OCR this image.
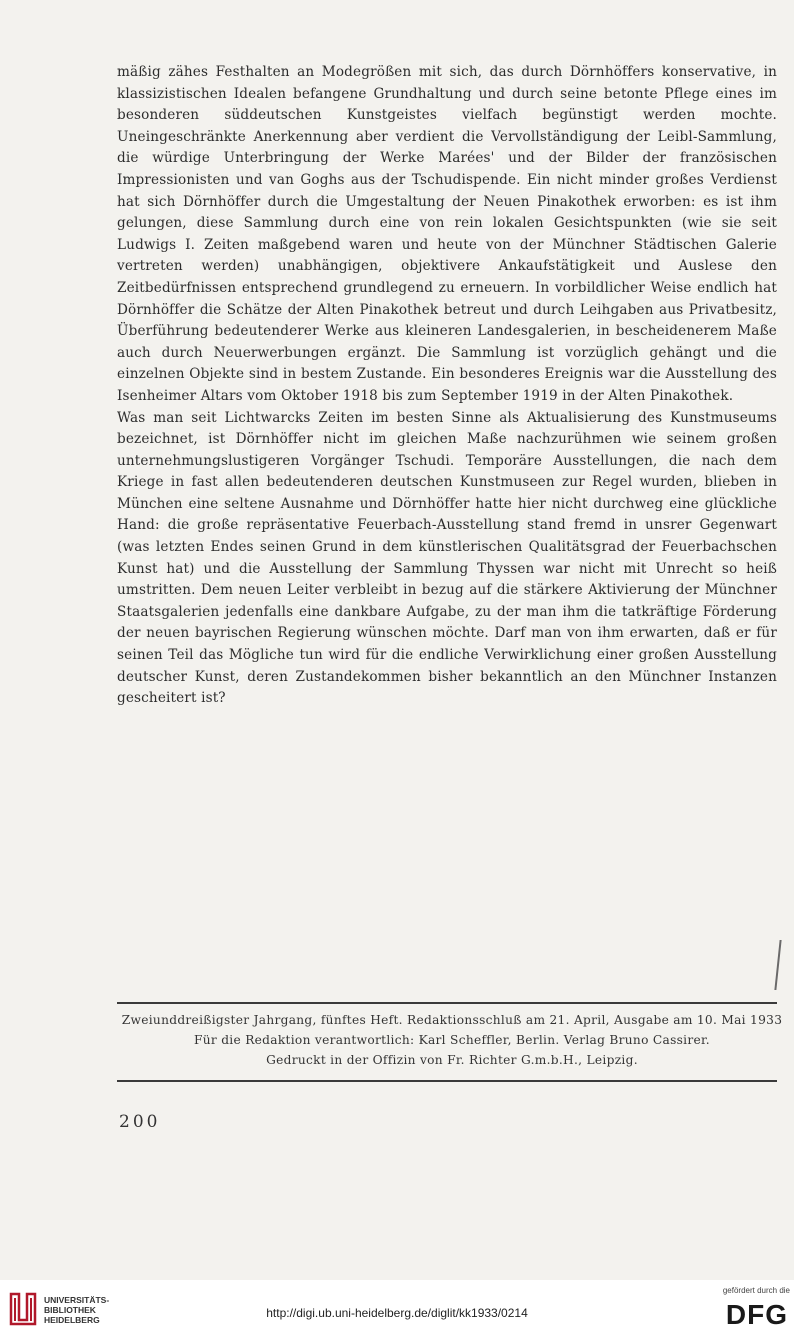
mäßig zähes Festhalten an Modegrößen mit sich, das durch Dörnhöffers konservative, in klassizistischen Idealen befangene Grundhaltung und durch seine betonte Pflege eines im besonderen süddeutschen Kunstgeistes vielfach begünstigt werden mochte. Uneingeschränkte Anerkennung aber verdient die Vervollständigung der Leibl-Sammlung, die würdige Unterbringung der Werke Marées' und der Bilder der französischen Impressionisten und van Goghs aus der Tschudispende. Ein nicht minder großes Verdienst hat sich Dörnhöffer durch die Umgestaltung der Neuen Pinakothek erworben: es ist ihm gelungen, diese Sammlung durch eine von rein lokalen Gesichtspunkten (wie sie seit Ludwigs I. Zeiten maßgebend waren und heute von der Münchner Städtischen Galerie vertreten werden) unabhängigen, objektivere Ankaufstätigkeit und Auslese den Zeitbedürfnissen entsprechend grundlegend zu erneuern. In vorbildlicher Weise endlich hat Dörnhöffer die Schätze der Alten Pinakothek betreut und durch Leihgaben aus Privatbesitz, Überführung bedeutenderer Werke aus kleineren Landesgalerien, in bescheidenerem Maße auch durch Neuerwerbungen ergänzt. Die Sammlung ist vorzüglich gehängt und die einzelnen Objekte sind in bestem Zustande. Ein besonderes Ereignis war die Ausstellung des Isenheimer Altars vom Oktober 1918 bis zum September 1919 in der Alten Pinakothek.

Was man seit Lichtwarcks Zeiten im besten Sinne als Aktualisierung des Kunstmuseums bezeichnet, ist Dörnhöffer nicht im gleichen Maße nachzurühmen wie seinem großen unternehmungslustigeren Vorgänger Tschudi. Temporäre Ausstellungen, die nach dem Kriege in fast allen bedeutenderen deutschen Kunstmuseen zur Regel wurden, blieben in München eine seltene Ausnahme und Dörnhöffer hatte hier nicht durchweg eine glückliche Hand: die große repräsentative Feuerbach-Ausstellung stand fremd in unsrer Gegenwart (was letzten Endes seinen Grund in dem künstlerischen Qualitätsgrad der Feuerbachschen Kunst hat) und die Ausstellung der Sammlung Thyssen war nicht mit Unrecht so heiß umstritten. Dem neuen Leiter verbleibt in bezug auf die stärkere Aktivierung der Münchner Staatsgalerien jedenfalls eine dankbare Aufgabe, zu der man ihm die tatkräftige Förderung der neuen bayrischen Regierung wünschen möchte. Darf man von ihm erwarten, daß er für seinen Teil das Mögliche tun wird für die endliche Verwirklichung einer großen Ausstellung deutscher Kunst, deren Zustandekommen bisher bekanntlich an den Münchner Instanzen gescheitert ist?

Zweiunddreißigster Jahrgang, fünftes Heft. Redaktionsschluß am 21. April, Ausgabe am 10. Mai 1933
Für die Redaktion verantwortlich: Karl Scheffler, Berlin. Verlag Bruno Cassirer.
Gedruckt in der Offizin von Fr. Richter G.m.b.H., Leipzig.
200
UNIVERSITÄTS-
BIBLIOTHEK
HEIDELBERG	http://digi.ub.uni-heidelberg.de/diglit/kk1933/0214
gefördert durch die
DFG
